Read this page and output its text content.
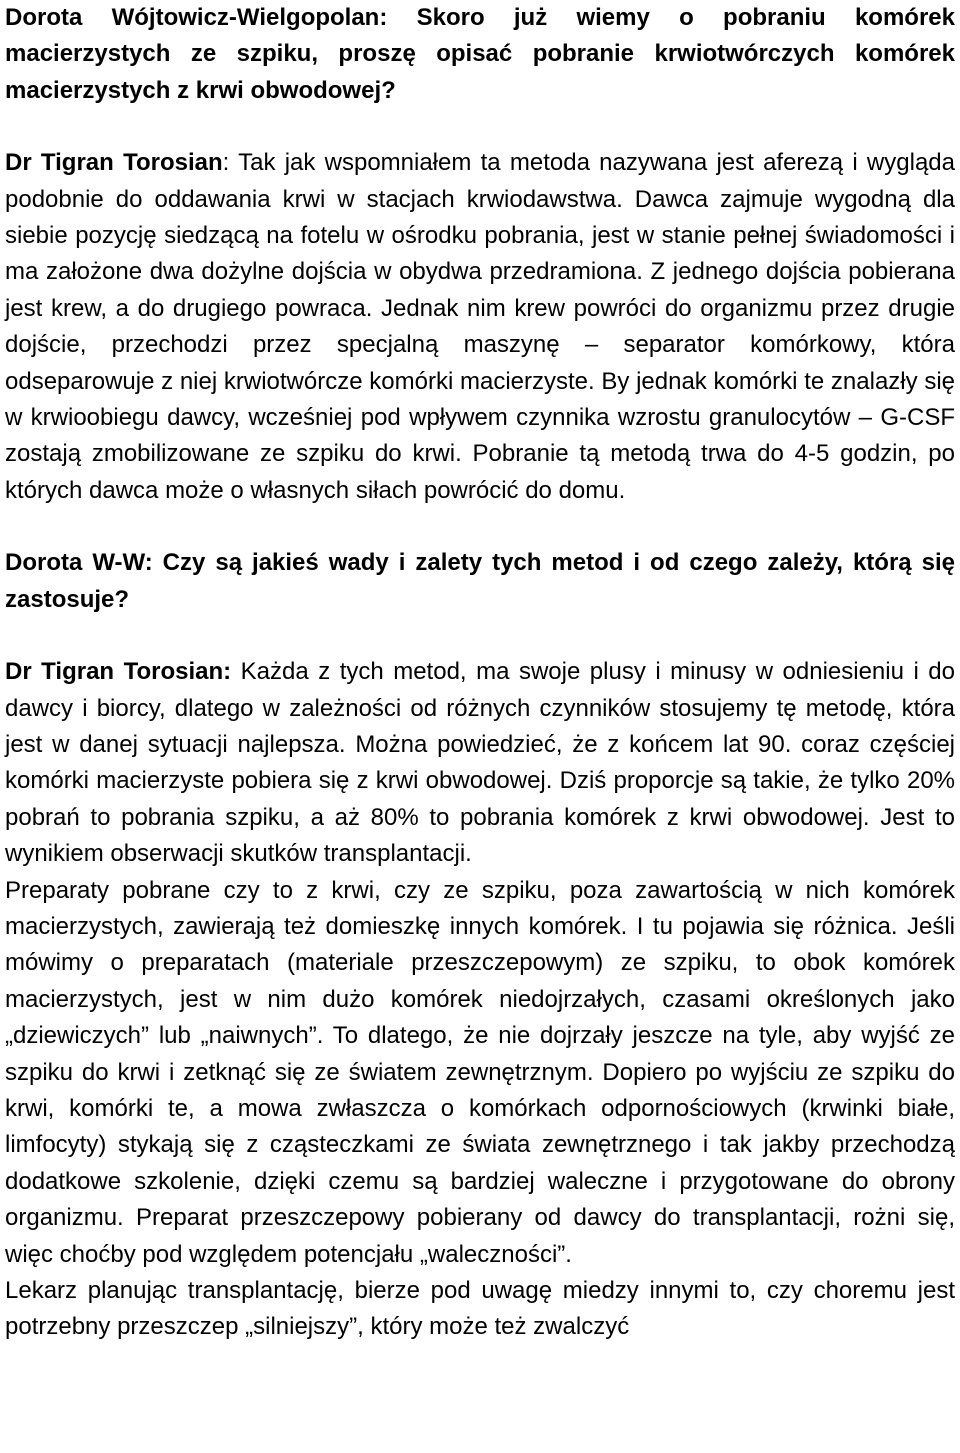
Dorota Wójtowicz-Wielgopolan: Skoro już wiemy o pobraniu komórek macierzystych ze szpiku, proszę opisać pobranie krwiotwórczych komórek macierzystych z krwi obwodowej?

Dr Tigran Torosian: Tak jak wspomniałem ta metoda nazywana jest aferezą i wygląda podobnie do oddawania krwi w stacjach krwiodawstwa. Dawca zajmuje wygodną dla siebie pozycję siedzącą na fotelu w ośrodku pobrania, jest w stanie pełnej świadomości i ma założone dwa dożylne dojścia w obydwa przedramiona. Z jednego dojścia pobierana jest krew, a do drugiego powraca. Jednak nim krew powróci do organizmu przez drugie dojście, przechodzi przez specjalną maszynę – separator komórkowy, która odseparowuje z niej krwiotwórcze komórki macierzyste. By jednak komórki te znalazły się w krwioobiegu dawcy, wcześniej pod wpływem czynnika wzrostu granulocytów – G-CSF zostają zmobilizowane ze szpiku do krwi. Pobranie tą metodą trwa do 4-5 godzin, po których dawca może o własnych siłach powrócić do domu.

Dorota W-W: Czy są jakieś wady i zalety tych metod i od czego zależy, którą się zastosuje?

Dr Tigran Torosian: Każda z tych metod, ma swoje plusy i minusy w odniesieniu i do dawcy i biorcy, dlatego w zależności od różnych czynników stosujemy tę metodę, która jest w danej sytuacji najlepsza. Można powiedzieć, że z końcem lat 90. coraz częściej komórki macierzyste pobiera się z krwi obwodowej. Dziś proporcje są takie, że tylko 20% pobrań to pobrania szpiku, a aż 80% to pobrania komórek z krwi obwodowej. Jest to wynikiem obserwacji skutków transplantacji.

Preparaty pobrane czy to z krwi, czy ze szpiku, poza zawartością w nich komórek macierzystych, zawierają też domieszkę innych komórek. I tu pojawia się różnica. Jeśli mówimy o preparatach (materiale przeszczepowym) ze szpiku, to obok komórek macierzystych, jest w nim dużo komórek niedojrzałych, czasami określonych jako „dziewiczych” lub „naiwnych”. To dlatego, że nie dojrzały jeszcze na tyle, aby wyjść ze szpiku do krwi i zetknąć się ze światem zewnętrznym. Dopiero po wyjściu ze szpiku do krwi, komórki te, a mowa zwłaszcza o komórkach odpornościowych (krwinki białe, limfocyty) stykają się z cząsteczkami ze świata zewnętrznego i tak jakby przechodzą dodatkowe szkolenie, dzięki czemu są bardziej waleczne i przygotowane do obrony organizmu. Preparat przeszczepowy pobierany od dawcy do transplantacji, rożni się, więc choćby pod względem potencjału „waleczności”.

Lekarz planując transplantację, bierze pod uwagę miedzy innymi to, czy choremu jest potrzebny przeszczep „silniejszy”, który może też zwalczyć
